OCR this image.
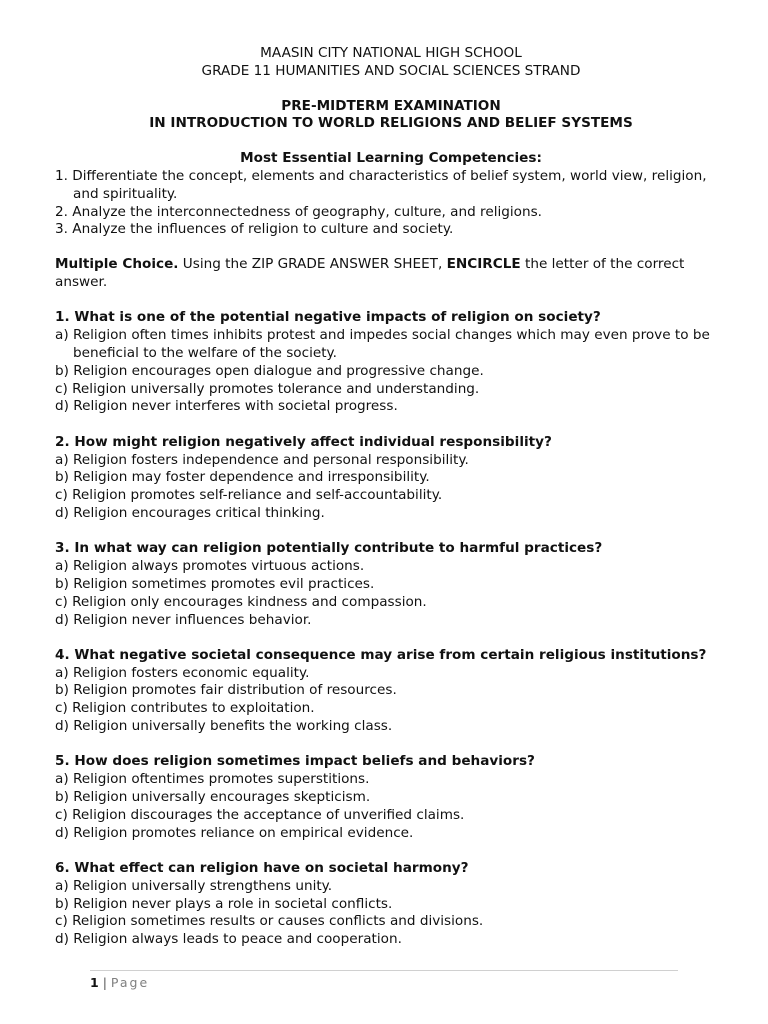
MAASIN CITY NATIONAL HIGH SCHOOL
GRADE 11 HUMANITIES AND SOCIAL SCIENCES STRAND
PRE-MIDTERM EXAMINATION
IN INTRODUCTION TO WORLD RELIGIONS AND BELIEF SYSTEMS
Most Essential Learning Competencies:
1. Differentiate the concept, elements and characteristics of belief system, world view, religion, and spirituality.
2. Analyze the interconnectedness of geography, culture, and religions.
3. Analyze the influences of religion to culture and society.
Multiple Choice. Using the ZIP GRADE ANSWER SHEET, ENCIRCLE the letter of the correct answer.
1. What is one of the potential negative impacts of religion on society?
a) Religion often times inhibits protest and impedes social changes which may even prove to be beneficial to the welfare of the society.
b) Religion encourages open dialogue and progressive change.
c) Religion universally promotes tolerance and understanding.
d) Religion never interferes with societal progress.
2. How might religion negatively affect individual responsibility?
a) Religion fosters independence and personal responsibility.
b) Religion may foster dependence and irresponsibility.
c) Religion promotes self-reliance and self-accountability.
d) Religion encourages critical thinking.
3. In what way can religion potentially contribute to harmful practices?
a) Religion always promotes virtuous actions.
b) Religion sometimes promotes evil practices.
c) Religion only encourages kindness and compassion.
d) Religion never influences behavior.
4. What negative societal consequence may arise from certain religious institutions?
a) Religion fosters economic equality.
b) Religion promotes fair distribution of resources.
c) Religion contributes to exploitation.
d) Religion universally benefits the working class.
5. How does religion sometimes impact beliefs and behaviors?
a) Religion oftentimes promotes superstitions.
b) Religion universally encourages skepticism.
c) Religion discourages the acceptance of unverified claims.
d) Religion promotes reliance on empirical evidence.
6. What effect can religion have on societal harmony?
a) Religion universally strengthens unity.
b) Religion never plays a role in societal conflicts.
c) Religion sometimes results or causes conflicts and divisions.
d) Religion always leads to peace and cooperation.
1 | Page
